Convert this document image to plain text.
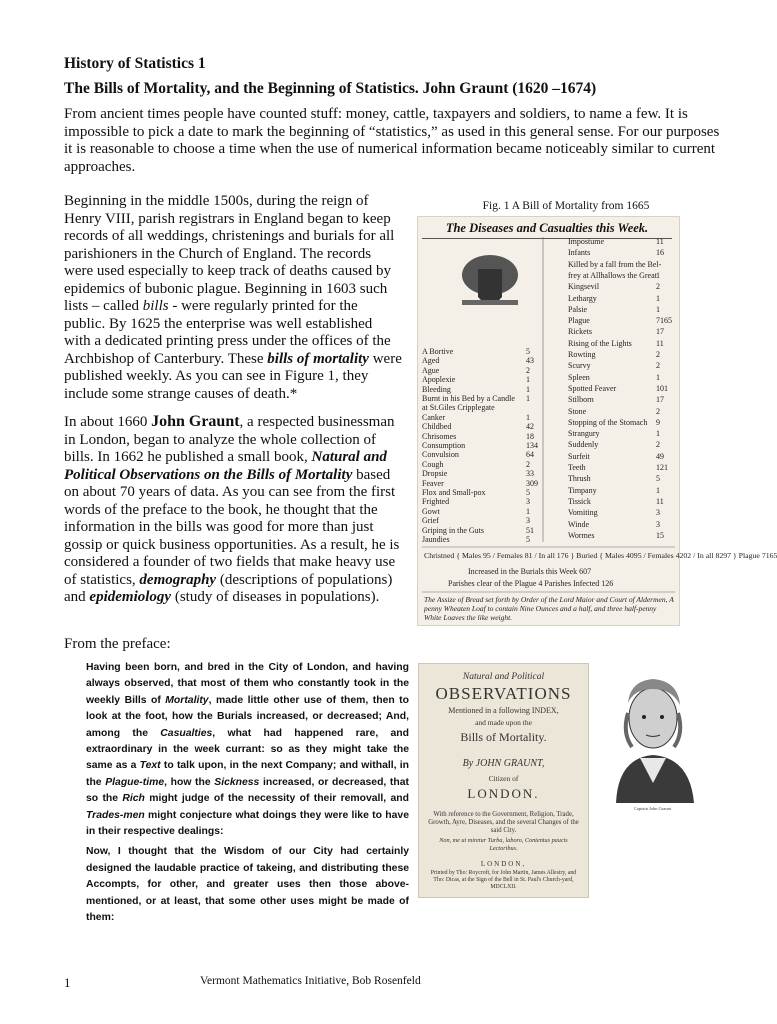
History of Statistics 1
The Bills of Mortality, and the Beginning of Statistics. John Graunt (1620 –1674)

From ancient times people have counted stuff: money, cattle, taxpayers and soldiers, to name a few. It is impossible to pick a date to mark the beginning of “statistics,” as used in this general sense. For our purposes it is reasonable to choose a time when the use of numerical information became noticeably similar to current approaches.

Beginning in the middle 1500s, during the reign of Henry VIII, parish registrars in England began to keep records of all weddings, christenings and burials for all parishioners in the Church of England. The records were used especially to keep track of deaths caused by epidemics of bubonic plague. Beginning in 1603 such lists – called bills - were regularly printed for the public. By 1625 the enterprise was well established with a dedicated printing press under the offices of the Archbishop of Canterbury. These bills of mortality were published weekly. As you can see in Figure 1, they include some strange causes of death.*

In about 1660 John Graunt, a respected businessman in London, began to analyze the whole collection of bills. In 1662 he published a small book, Natural and Political Observations on the Bills of Mortality based on about 70 years of data. As you can see from the first words of the preface to the book, he thought that the information in the bills was good for more than just gossip or quick business opportunities. As a result, he is considered a founder of two fields that make heavy use of statistics, demography (descriptions of populations) and epidemiology (study of diseases in populations).

Fig. 1 A Bill of Mortality from 1665
The Diseases and Casualties this Week.
Christned { Males 95 / Females 81 / In all 176 } Buried { Males 4095 / Females 4202 / In all 8297 } Plague 7165
Increased in the Burials this Week 607
Parishes clear of the Plague 4 Parishes Infected 126
The Assize of Bread set forth by Order of the Lord Maior and Court of Aldermen, A penny Wheaten Loaf to contain Nine Ounces and a half, and three half-penny White Loaves the like weight.
A Bortive	5
Aged	43
Ague	2
Apoplexie	1
Bleeding	1
Burnt in his Bed by a Candle 1
at St.Giles Cripplegate
Canker	1
Childbed	42
Chrisomes	18
Consumption	134
Convulsion	64
Cough	2
Dropsie	33
Feaver	309
Flox and Small-pox	5
Frighted	3
Gowt	1
Grief	3
Griping in the Guts	51
Jaundies	5
Impostume	11
Infants	16
Killed by a fall from the Bel-
frey at Allhallows the Great 1
Kingsevil	2
Lethargy	1
Palsie	1
Plague	7165
Rickets	17
Rising of the Lights	11
Rowting	2
Scurvy	2
Spleen	1
Spotted Feaver	101
Stilborn	17
Stone	2
Stopping of the Stomach 9
Strangury	1
Suddenly	2
Surfeit	49
Teeth	121
Thrush	5
Timpany	1
Tissick	11
Vomiting	3
Winde	3
Wormes	15
From the preface:

Having been born, and bred in the City of London, and having always observed, that most of them who constantly took in the weekly Bills of Mortality, made little other use of them, then to look at the foot, how the Burials increased, or decreased; And, among the Casualties, what had happened rare, and extraordinary in the week currant: so as they might take the same as a Text to talk upon, in the next Company; and withall, in the Plague-time, how the Sickness increased, or decreased, that so the Rich might judge of the necessity of their removall, and Trades-men might conjecture what doings they were like to have in their respective dealings:

Now, I thought that the Wisdom of our City had certainly designed the laudable practice of takeing, and distributing these Accompts, for other, and greater uses then those above-mentioned, or at least, that some other uses might be made of them:

Natural and Political
OBSERVATIONS
Mentioned in a following INDEX,
and made upon the
Bills of Mortality.
By JOHN GRAUNT,
Citizen of
LONDON.
With reference to the Government, Religion, Trade, Growth, Ayre, Diseases, and the several Changes of the said City.
Non, me ut miretur Turba, laboro, Contentus paucis Lectoribus.
LONDON,
Printed by Tho: Roycroft, for John Martin, James Allestry, and Tho: Dicas, at the Sign of the Bell in St. Paul's Church-yard, MDCLXII.
Captain John Graunt
1	Vermont Mathematics Initiative, Bob Rosenfeld
